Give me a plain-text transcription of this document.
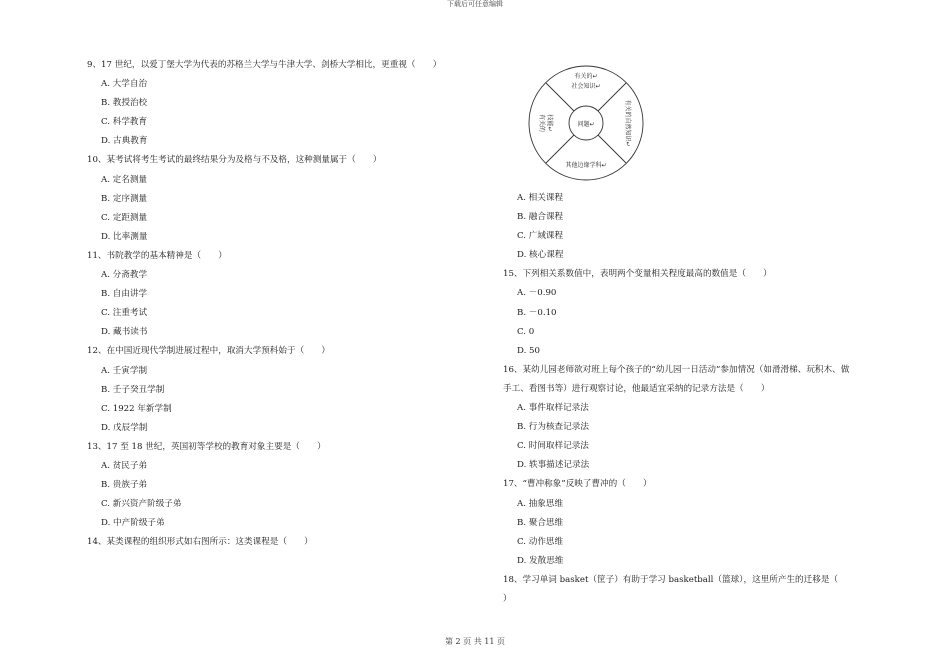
下载后可任意编辑
9、17 世纪，以爱丁堡大学为代表的苏格兰大学与牛津大学、剑桥大学相比，更重视（　　）
A. 大学自治
B. 教授治校
C. 科学教育
D. 古典教育
10、某考试将考生考试的最终结果分为及格与不及格，这种测量属于（　　）
A. 定名测量
B. 定序测量
C. 定距测量
D. 比率测量
11、书院教学的基本精神是（　　）
A. 分斋教学
B. 自由讲学
C. 注重考试
D. 藏书读书
12、在中国近现代学制进展过程中，取消大学预科始于（　　）
A. 壬寅学制
B. 壬子癸丑学制
C. 1922 年新学制
D. 戊辰学制
13、17 至 18 世纪，英国初等学校的教育对象主要是（　　）
A. 贫民子弟
B. 贵族子弟
C. 新兴资产阶级子弟
D. 中产阶级子弟
14、某类课程的组织形式如右图所示：这类课程是（　　）
问题↵
有关的↵
社会知识↵
其他边缘学科↵
有关的 技能↵	有关的自然知识↵
A. 相关课程
B. 融合课程
C. 广域课程
D. 核心课程
15、下列相关系数值中，表明两个变量相关程度最高的数值是（　　）
A. －0.90
B. －0.10
C. 0
D. 50
16、某幼儿园老师欲对班上每个孩子的“幼儿园一日活动”参加情况（如滑滑梯、玩积木、做
手工、看图书等）进行观察讨论，他最适宜采纳的记录方法是（　　）
A. 事件取样记录法
B. 行为核查记录法
C. 时间取样记录法
D. 轶事描述记录法
17、“曹冲称象”反映了曹冲的（　　）
A. 抽象思维
B. 聚合思维
C. 动作思维
D. 发散思维
18、学习单词 basket（筐子）有助于学习 basketball（篮球），这里所产生的迁移是（
）
第 2 页 共 11 页
